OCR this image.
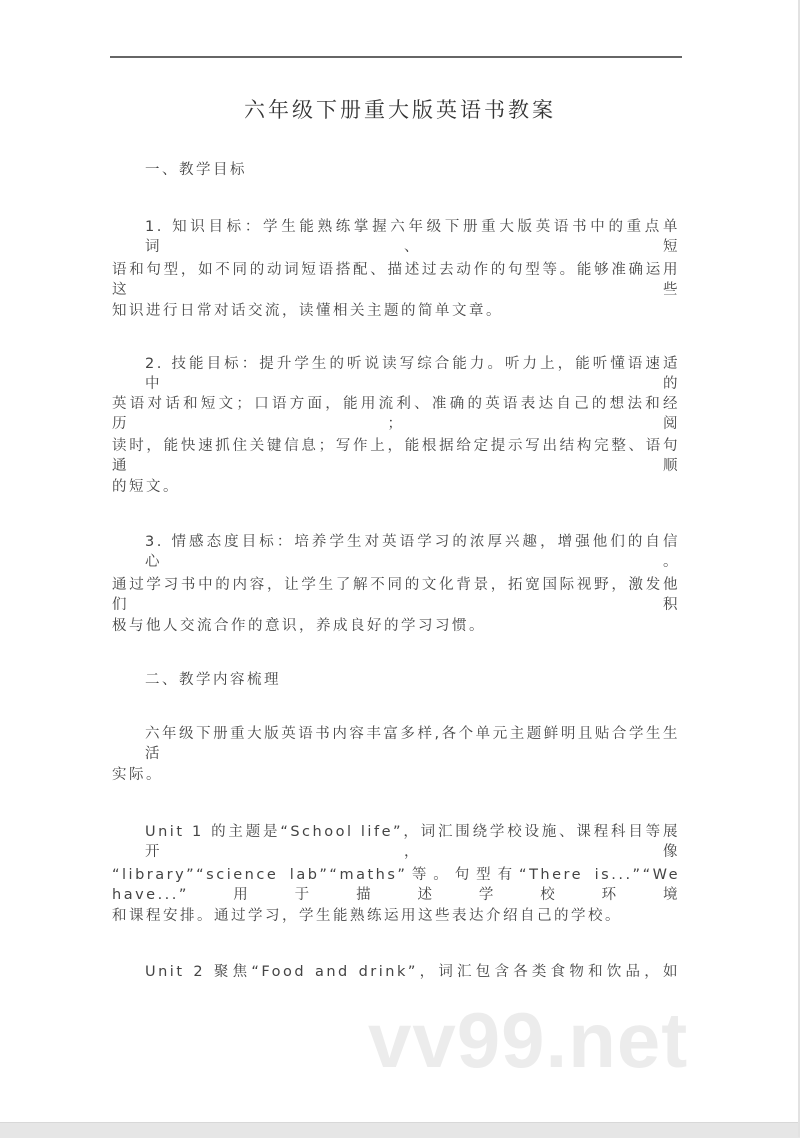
六年级下册重大版英语书教案
一、教学目标
1. 知识目标：学生能熟练掌握六年级下册重大版英语书中的重点单词、短
语和句型，如不同的动词短语搭配、描述过去动作的句型等。能够准确运用这些
知识进行日常对话交流，读懂相关主题的简单文章。
2. 技能目标：提升学生的听说读写综合能力。听力上，能听懂语速适中的
英语对话和短文；口语方面，能用流利、准确的英语表达自己的想法和经历；阅
读时，能快速抓住关键信息；写作上，能根据给定提示写出结构完整、语句通顺
的短文。
3. 情感态度目标：培养学生对英语学习的浓厚兴趣，增强他们的自信心。
通过学习书中的内容，让学生了解不同的文化背景，拓宽国际视野，激发他们积
极与他人交流合作的意识，养成良好的学习习惯。
二、教学内容梳理
六年级下册重大版英语书内容丰富多样,各个单元主题鲜明且贴合学生生活
实际。
Unit 1 的主题是“School life”，词汇围绕学校设施、课程科目等展开，像
“library”“science lab”“maths”等。句型有“There is...”“We have...”用于描述学校环境
和课程安排。通过学习，学生能熟练运用这些表达介绍自己的学校。
Unit 2 聚焦“Food and drink”，词汇包含各类食物和饮品，如
vv99.net
